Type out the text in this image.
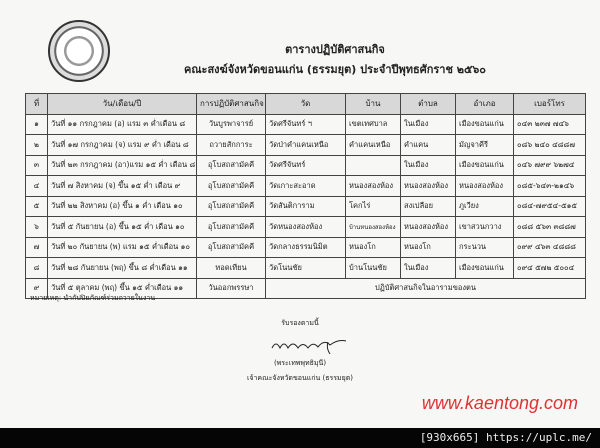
ตารางปฏิบัติศาสนกิจ
คณะสงฆ์จังหวัดขอนแก่น (ธรรมยุต) ประจำปีพุทธศักราช ๒๕๖๐
ที่	วัน/เดือน/ปี	การปฏิบัติศาสนกิจ	วัด	บ้าน	ตำบล	อำเภอ	เบอร์โทร
๑	วันที่ ๑๑ กรกฎาคม (อ) แรม ๓ ค่ำเดือน ๘	วันบูรพาจารย์	วัดศรีจันทร์ ฯ	เขตเทศบาล	ในเมือง	เมืองขอนแก่น	๐๔๓ ๒๓๗ ๗๔๖
๒	วันที่ ๑๗ กรกฎาคม (จ) แรม ๙ ค่ำ เดือน ๘	ถวายสักการะ	วัดป่าคำแคนเหนือ	คำแคนเหนือ	คำแคน	มัญจาคีรี	๐๘๖ ๒๔๐ ๔๘๘๗
๓	วันที่ ๒๓ กรกฎาคม (อา)แรม ๑๕ ค่ำ เดือน ๘	อุโบสถสามัคคี	วัดศรีจันทร์		ในเมือง	เมืองขอนแก่น	๐๔๖ ๗๙๙ ๖๒๗๔
๔	วันที่ ๗ สิงหาคม (จ) ขึ้น ๑๕ ค่ำ เดือน ๙	อุโบสถสามัคคี	วัดเกาะสะอาด	หนองสองห้อง	หนองสองห้อง	หนองสองห้อง	๐๘๕-๖๔๓-๒๑๔๖
๕	วันที่ ๒๒ สิงหาคม (อ) ขึ้น ๑ ค่ำ เดือน ๑๐	อุโบสถสามัคคี	วัดสันติการาม	โคกไร่	สงเปลือย	ภูเวียง	๐๘๔-๗๙๕๔-๕๑๕
๖	วันที่ ๕ กันยายน (อ) ขึ้น ๑๕ ค่ำ เดือน ๑๐	อุโบสถสามัคคี	วัดหนองสองห้อง	บ้านหนองสองห้อง	หนองสองห้อง	เขาสวนกวาง	๐๘๘ ๕๖๓ ๓๘๘๗
๗	วันที่ ๒๐ กันยายน (พ) แรม ๑๕ ค่ำเดือน ๑๐	อุโบสถสามัคคี	วัดกลางธรรมนิมิต	หนองโก	หนองโก	กระนวน	๐๙๙ ๔๖๓ ๔๘๘๘
๘	วันที่ ๒๘ กันยายน (พฤ) ขึ้น ๘ ค่ำเดือน ๑๑	ทอดเทียน	วัดโนนชัย	บ้านโนนชัย	ในเมือง	เมืองขอนแก่น	๐๙๔ ๕๗๒ ๕๐๐๔
๙	วันที่ ๕ ตุลาคม (พฤ) ขึ้น ๑๕ ค่ำเดือน ๑๑	วันออกพรรษา	ปฏิบัติศาสนกิจในอารามของตน				
หมายเหตุ: นำกัปปิยภัณฑ์ร่วมถวายในงาน
รับรองตามนี้
(พระเทพพุทธิมุนี)
เจ้าคณะจังหวัดขอนแก่น (ธรรมยุต)
www.kaentong.com
[930x665] https://uplc.me/
